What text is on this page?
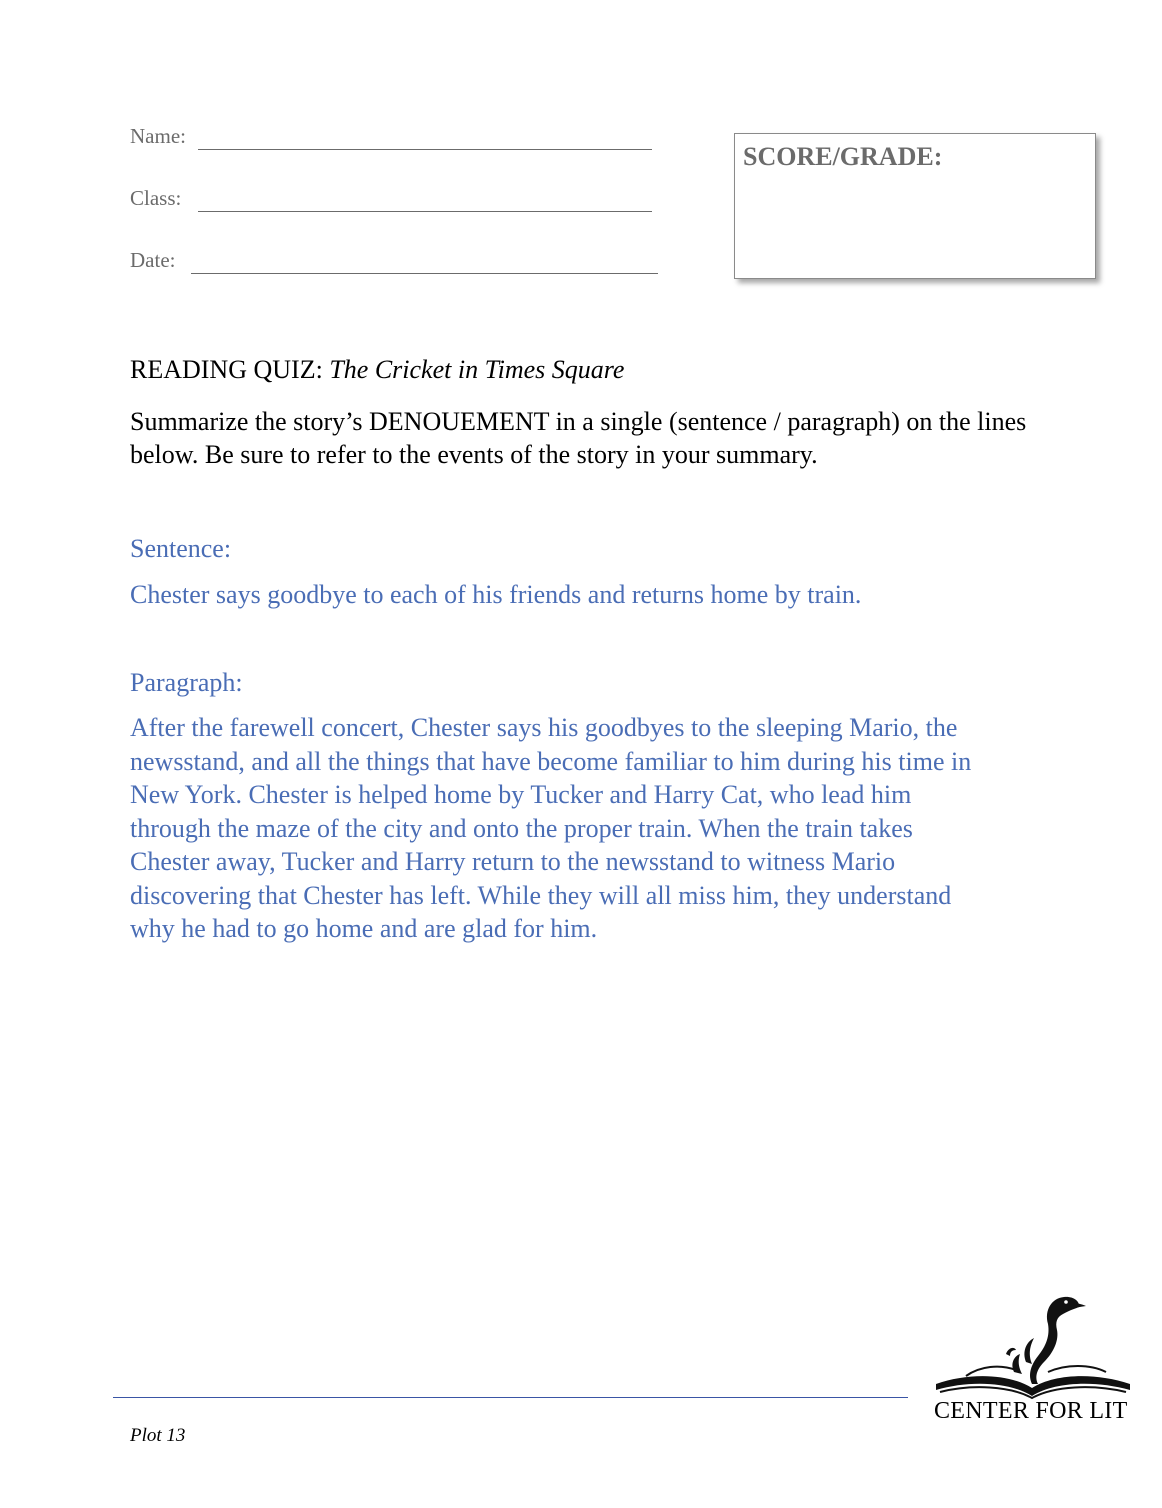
Name:
Class:
Date:
SCORE/GRADE:
READING QUIZ: The Cricket in Times Square
Summarize the story’s DENOUEMENT in a single (sentence / paragraph) on the lines below. Be sure to refer to the events of the story in your summary.
Sentence:
Chester says goodbye to each of his friends and returns home by train.
Paragraph:
After the farewell concert, Chester says his goodbyes to the sleeping Mario, the
newsstand, and all the things that have become familiar to him during his time in
New York. Chester is helped home by Tucker and Harry Cat, who lead him
through the maze of the city and onto the proper train. When the train takes
Chester away, Tucker and Harry return to the newsstand to witness Mario
discovering that Chester has left. While they will all miss him, they understand
why he had to go home and are glad for him.
Plot 13
CENTER FOR LIT
